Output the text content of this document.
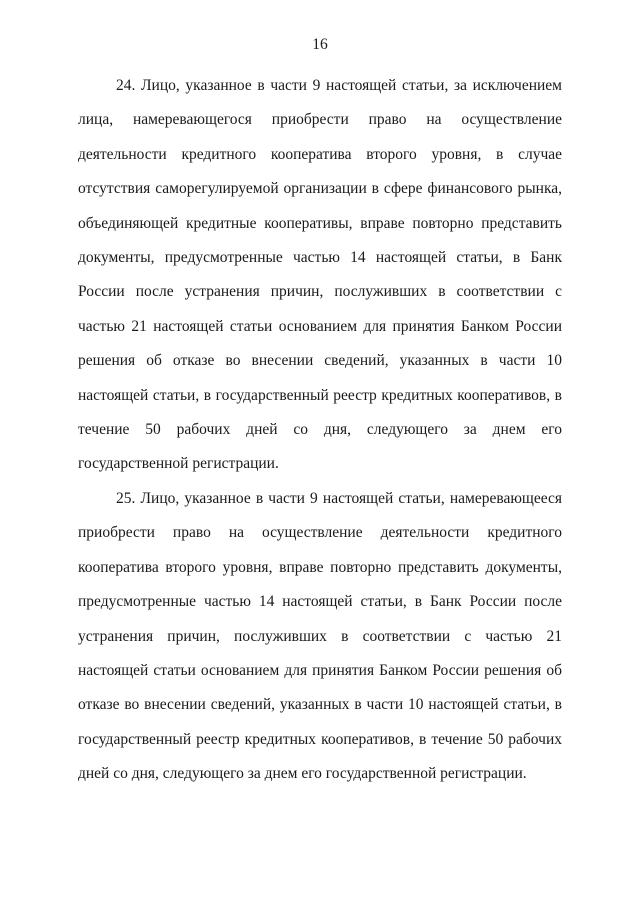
16

24. Лицо, указанное в части 9 настоящей статьи, за исключением лица, намеревающегося приобрести право на осуществление деятельности кредитного кооператива второго уровня, в случае отсутствия саморегулируемой организации в сфере финансового рынка, объединяющей кредитные кооперативы, вправе повторно представить документы, предусмотренные частью 14 настоящей статьи, в Банк России после устранения причин, послуживших в соответствии с частью 21 настоящей статьи основанием для принятия Банком России решения об отказе во внесении сведений, указанных в части 10 настоящей статьи, в государственный реестр кредитных кооперативов, в течение 50 рабочих дней со дня, следующего за днем его государственной регистрации.

25. Лицо, указанное в части 9 настоящей статьи, намеревающееся приобрести право на осуществление деятельности кредитного кооператива второго уровня, вправе повторно представить документы, предусмотренные частью 14 настоящей статьи, в Банк России после устранения причин, послуживших в соответствии с частью 21 настоящей статьи основанием для принятия Банком России решения об отказе во внесении сведений, указанных в части 10 настоящей статьи, в государственный реестр кредитных кооперативов, в течение 50 рабочих дней со дня, следующего за днем его государственной регистрации.
